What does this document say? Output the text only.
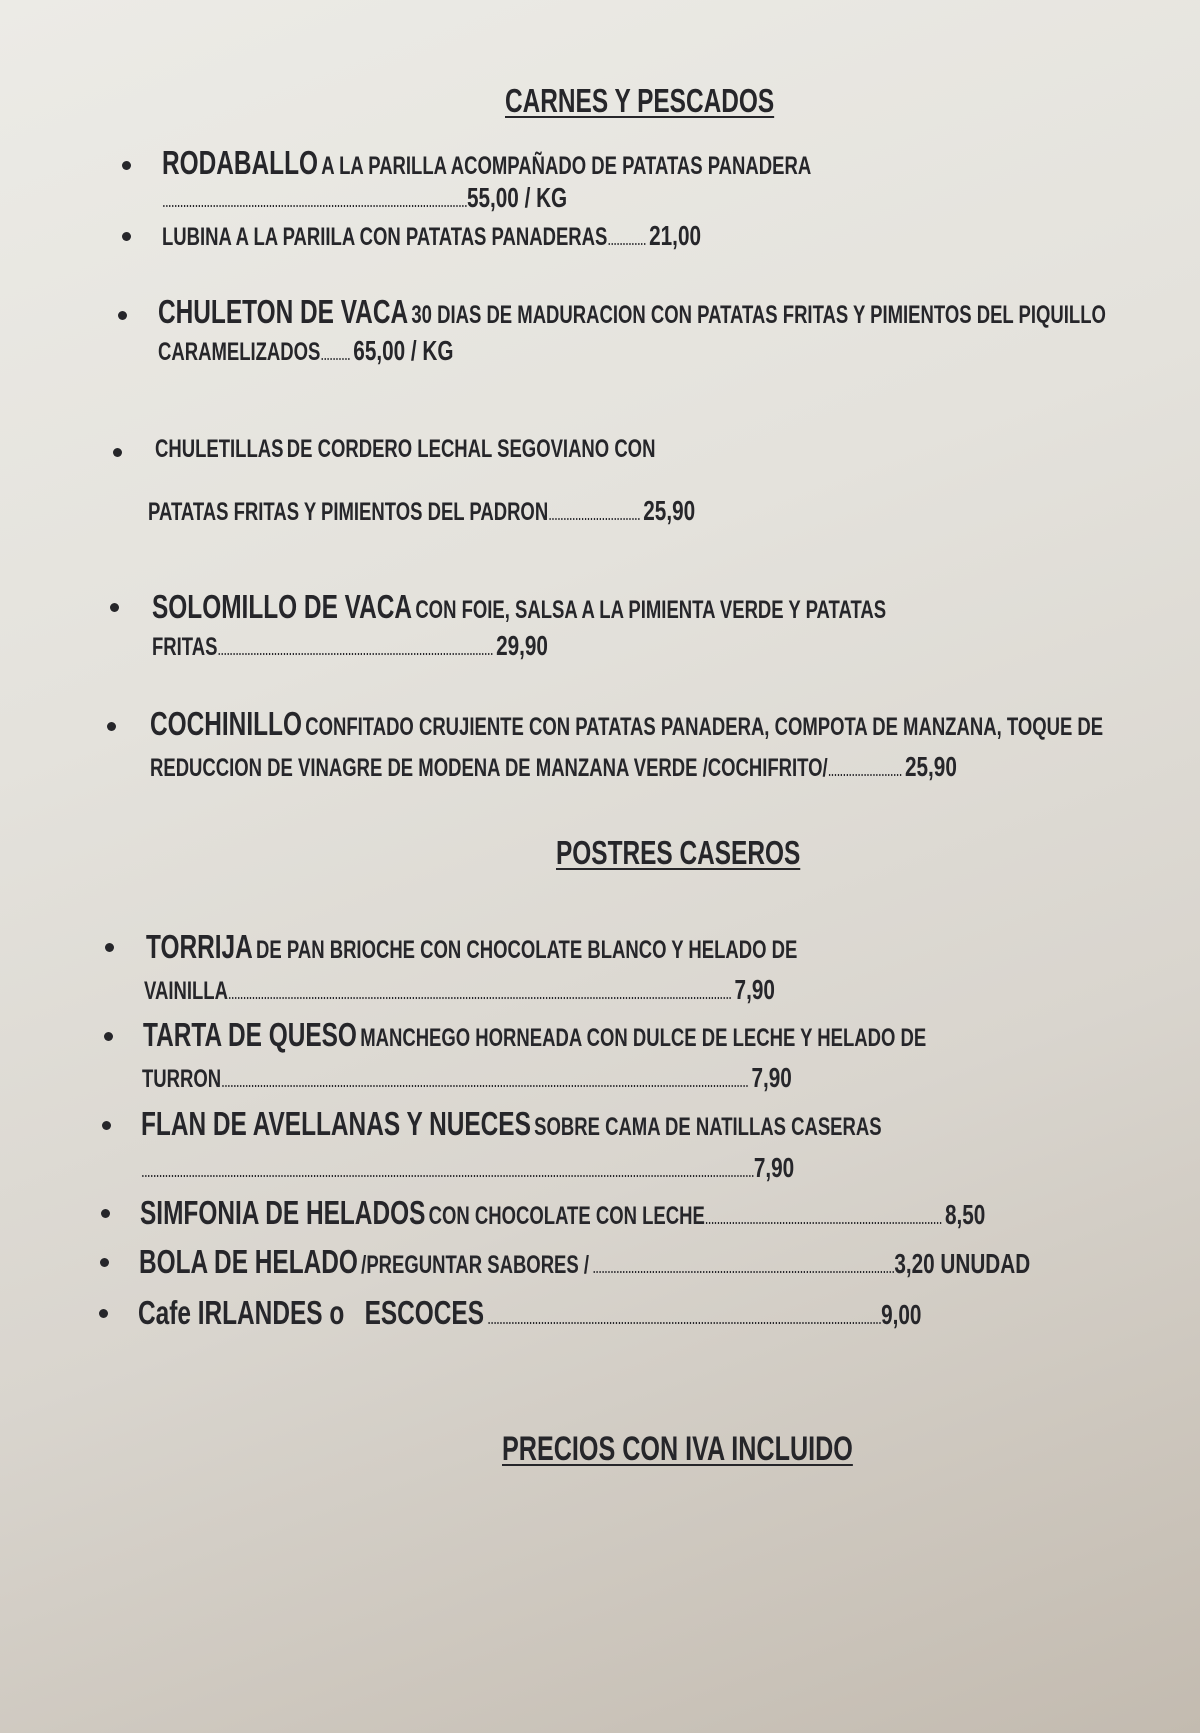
CARNES Y PESCADOS
RODABALLO A LA PARILLA ACOMPAÑADO DE PATATAS PANADERA
.......................................................................................................55,00 / KG
LUBINA A LA PARIILA CON PATATAS PANADERAS............. 21,00
CHULETON DE VACA 30 DIAS DE MADURACION CON PATATAS FRITAS Y PIMIENTOS DEL PIQUILLO
CARAMELIZADOS.......... 65,00 / KG
CHULETILLAS DE CORDERO LECHAL SEGOVIANO CON
PATATAS FRITAS Y PIMIENTOS DEL PADRON............................... 25,90
SOLOMILLO DE VACA CON FOIE, SALSA A LA PIMIENTA VERDE Y PATATAS
FRITAS............................................................................................. 29,90
COCHINILLO CONFITADO CRUJIENTE CON PATATAS PANADERA, COMPOTA DE MANZANA, TOQUE DE
REDUCCION DE VINAGRE DE MODENA DE MANZANA VERDE /COCHIFRITO/......................... 25,90
POSTRES CASEROS
TORRIJA DE PAN BRIOCHE CON CHOCOLATE BLANCO Y HELADO DE
VAINILLA.......................................................................................................................................................................... 7,90
TARTA DE QUESO MANCHEGO HORNEADA CON DULCE DE LECHE Y HELADO DE
TURRON.................................................................................................................................................................................. 7,90
FLAN DE AVELLANAS Y NUECES SOBRE CAMA DE NATILLAS CASERAS
...............................................................................................................................................................................................................7,90
SIMFONIA DE HELADOS CON CHOCOLATE CON LECHE................................................................................ 8,50
BOLA DE HELADO /PREGUNTAR SABORES / ......................................................................................................3,20 UNUDAD
Cafe IRLANDES o   ESCOCES .....................................................................................................................................9,00
PRECIOS CON IVA INCLUIDO
